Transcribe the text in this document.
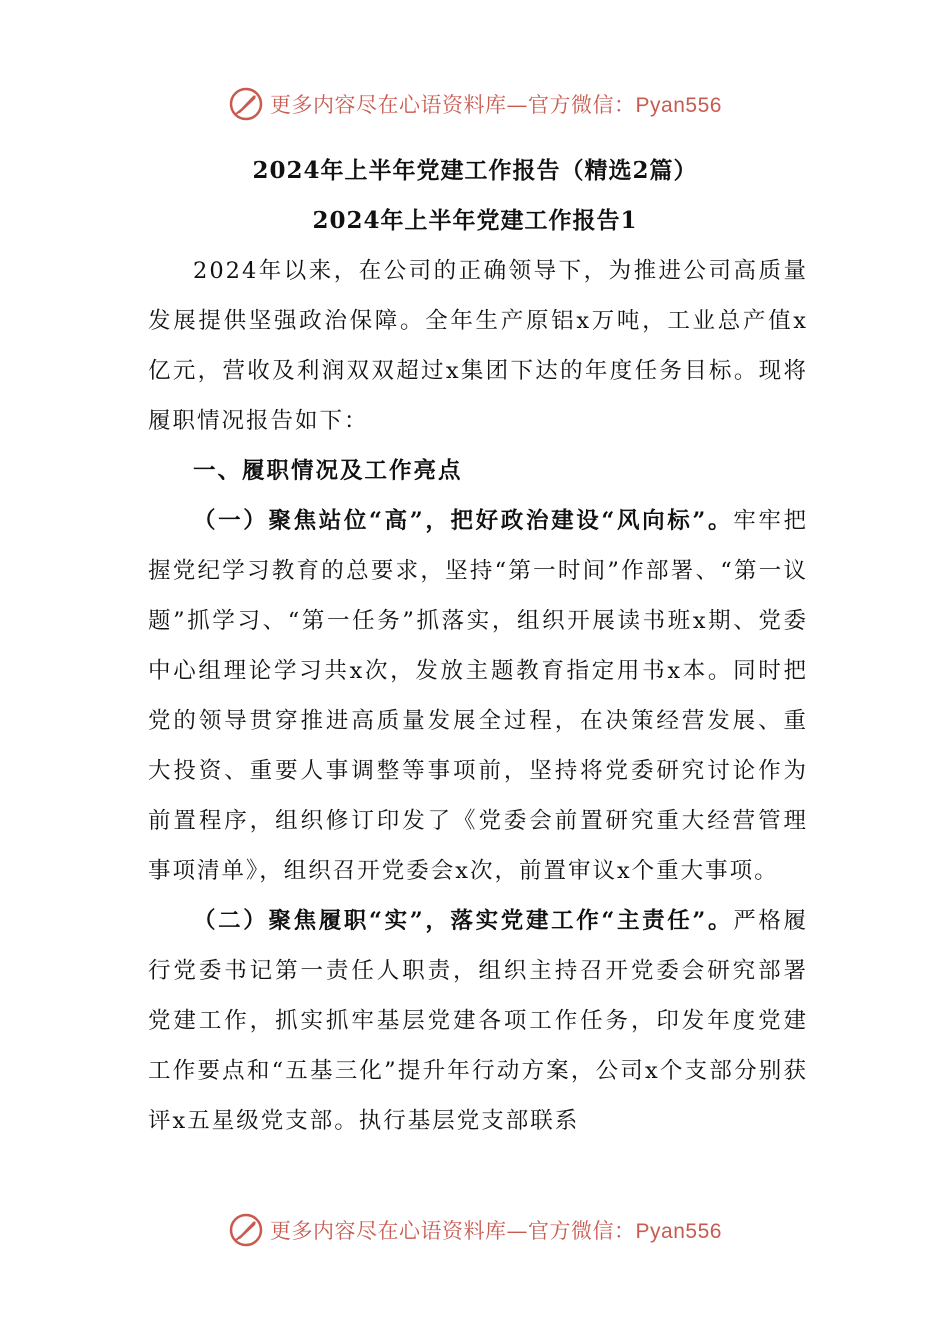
更多内容尽在心语资料库—官方微信：Pyan556
2024年上半年党建工作报告（精选2篇）
2024年上半年党建工作报告1

2024年以来，在公司的正确领导下，为推进公司高质量发展提供坚强政治保障。全年生产原铝x万吨，工业总产值x亿元，营收及利润双双超过x集团下达的年度任务目标。现将履职情况报告如下：

一、履职情况及工作亮点

（一）聚焦站位“高”，把好政治建设“风向标”。牢牢把握党纪学习教育的总要求，坚持“第一时间”作部署、“第一议题”抓学习、“第一任务”抓落实，组织开展读书班x期、党委中心组理论学习共x次，发放主题教育指定用书x本。同时把党的领导贯穿推进高质量发展全过程，在决策经营发展、重大投资、重要人事调整等事项前，坚持将党委研究讨论作为前置程序，组织修订印发了《党委会前置研究重大经营管理事项清单》，组织召开党委会x次，前置审议x个重大事项。

（二）聚焦履职“实”，落实党建工作“主责任”。严格履行党委书记第一责任人职责，组织主持召开党委会研究部署党建工作，抓实抓牢基层党建各项工作任务，印发年度党建工作要点和“五基三化”提升年行动方案，公司x个支部分别获评x五星级党支部。执行基层党支部联系

更多内容尽在心语资料库—官方微信：Pyan556
